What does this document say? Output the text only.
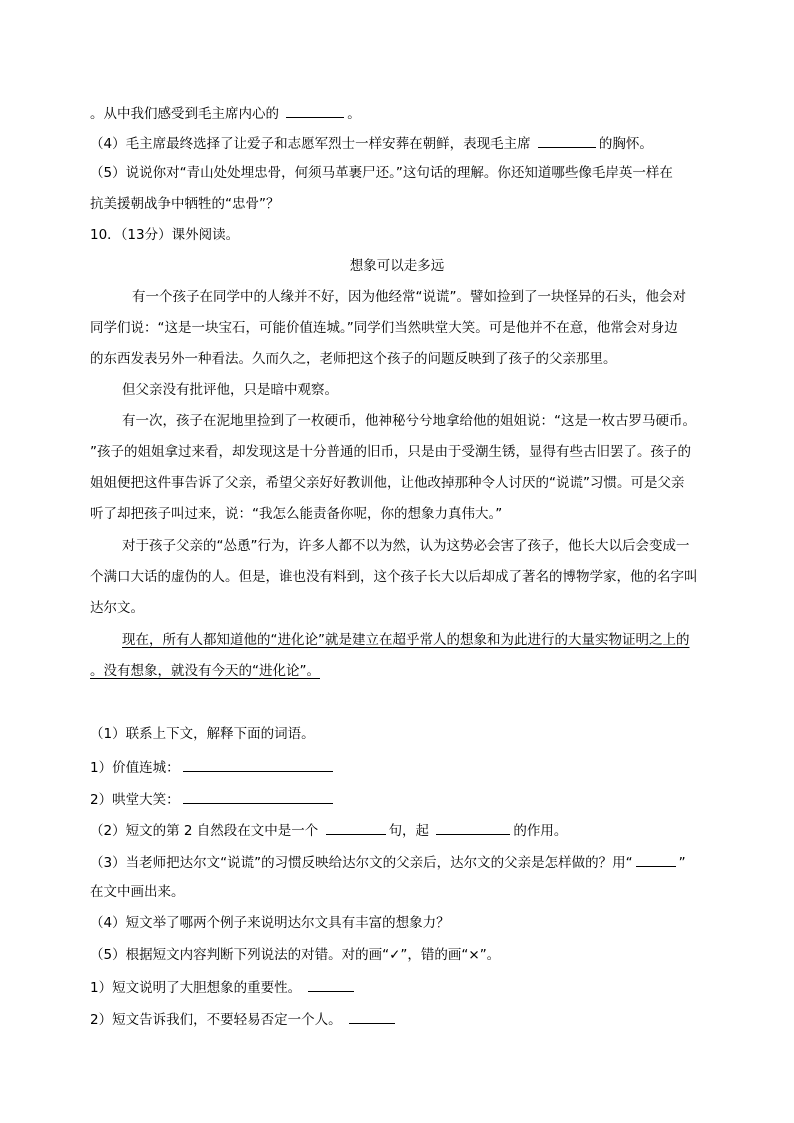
。从中我们感受到毛主席内心的	。
（4）毛主席最终选择了让爱子和志愿军烈士一样安葬在朝鲜，表现毛主席	的胸怀。
（5）说说你对“青山处处埋忠骨，何须马革裹尸还。”这句话的理解。你还知道哪些像毛岸英一样在
抗美援朝战争中牺牲的“忠骨”？
10．（13分）课外阅读。
想象可以走多远
有一个孩子在同学中的人缘并不好，因为他经常“说谎”。譬如捡到了一块怪异的石头，他会对
同学们说：“这是一块宝石，可能价值连城。”同学们当然哄堂大笑。可是他并不在意，他常会对身边
的东西发表另外一种看法。久而久之，老师把这个孩子的问题反映到了孩子的父亲那里。
但父亲没有批评他，只是暗中观察。
有一次，孩子在泥地里捡到了一枚硬币，他神秘兮兮地拿给他的姐姐说：“这是一枚古罗马硬币。
”孩子的姐姐拿过来看，却发现这是十分普通的旧币，只是由于受潮生锈，显得有些古旧罢了。孩子的
姐姐便把这件事告诉了父亲，希望父亲好好教训他，让他改掉那种令人讨厌的“说谎”习惯。可是父亲
听了却把孩子叫过来，说：“我怎么能责备你呢，你的想象力真伟大。”
对于孩子父亲的“怂恿”行为，许多人都不以为然，认为这势必会害了孩子，他长大以后会变成一
个满口大话的虚伪的人。但是，谁也没有料到，这个孩子长大以后却成了著名的博物学家，他的名字叫
达尔文。
现在，所有人都知道他的“进化论”就是建立在超乎常人的想象和为此进行的大量实物证明之上的
。没有想象，就没有今天的“进化论”。
（1）联系上下文，解释下面的词语。
1）价值连城：
2）哄堂大笑：
（2）短文的第 2 自然段在文中是一个	句，起	的作用。
（3）当老师把达尔文“说谎”的习惯反映给达尔文的父亲后，达尔文的父亲是怎样做的？用“	”
在文中画出来。
（4）短文举了哪两个例子来说明达尔文具有丰富的想象力？
（5）根据短文内容判断下列说法的对错。对的画“✓”，错的画“×”。
1）短文说明了大胆想象的重要性。
2）短文告诉我们，不要轻易否定一个人。
